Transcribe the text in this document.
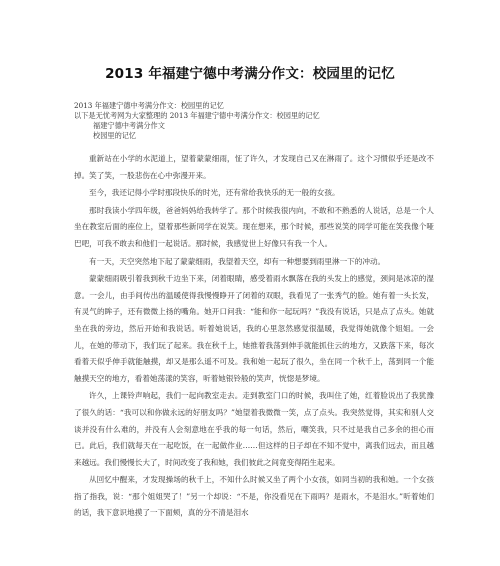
2013 年福建宁德中考满分作文：校园里的记忆
2013 年福建宁德中考满分作文：校园里的记忆
以下是无忧考网为大家整理的 2013 年福建宁德中考满分作文：校园里的记忆
福建宁德中考满分作文
校园里的记忆

重新站在小学的水泥道上，望着蒙蒙细雨，怔了许久，才发现自己又在淋雨了。这个习惯似乎还是改不掉。笑了笑，一股悲伤在心中弥漫开来。

至今，我还记得小学时那段快乐的时光，还有常给我快乐的无一般的女孩。

那时我读小学四年级，爸爸妈妈给我转学了。那个时候我很内向，不敢和不熟悉的人说话，总是一个人坐在教室后面的座位上，望着那些新同学在说笑。现在想来，那个时候，那些说笑的同学可能在笑我像个哑巴吧，可我不敢去和他们一起说话。那时候，我感觉世上好像只有我一个人。

有一天，天空突然地下起了蒙蒙细雨，我望着天空，却有一种想要到雨里淋一下的冲动。

蒙蒙细雨吸引着我到秋千边坐下来，闭着眼睛，感受着雨水飘落在我的头发上的感觉，颈间是冰凉的湿意。一会儿，由手间传出的温暖使得我慢慢睁开了闭着的双眼，我看见了一张秀气的脸。她有着一头长发，有灵气的眸子，还有微微上扬的嘴角。她开口问我：“能和你一起玩吗？”我没有说话，只是点了点头。她就坐在我的旁边，然后开始和我说话。听着她说话，我的心里忽然感觉很温暖，我觉得她就像个姐姐。一会儿，在她的带动下，我们玩了起来。我在秋千上，她推着我荡到伸手就能抓住云的地方，又跌落下来，每次看着天似乎伸手就能触摸，却又是那么遥不可及。我和她一起玩了很久，坐在同一个秋千上，荡到同一个能触摸天空的地方，看着她荡漾的笑容，听着她银铃般的笑声，恍惚是梦境。

许久，上课铃声响起，我们一起向教室走去。走到教室门口的时候，我叫住了她，红着脸说出了我犹豫了很久的话：“我可以和你做永远的好朋友吗？”她望着我微微一笑，点了点头。我突然觉得，其实和别人交谈并没有什么难的，并没有人会刻意地在乎我的每一句话，然后，嘲笑我，只不过是我自己多余的担心而已。此后，我们就每天在一起吃饭，在一起做作业……但这样的日子却在不知不觉中，离我们远去，而且越来越远。我们慢慢长大了，时间改变了我和她，我们彼此之间竟变得陌生起来。

从回忆中醒来，才发现操场的秋千上，不知什么时候又坐了两个小女孩，如同当初的我和她。一个女孩指了指我，说：“那个姐姐哭了！”另一个却说：“不是，你没看见在下雨吗？是雨水，不是泪水。”听着她们的话，我下意识地摸了一下面颊，真的分不清是泪水
